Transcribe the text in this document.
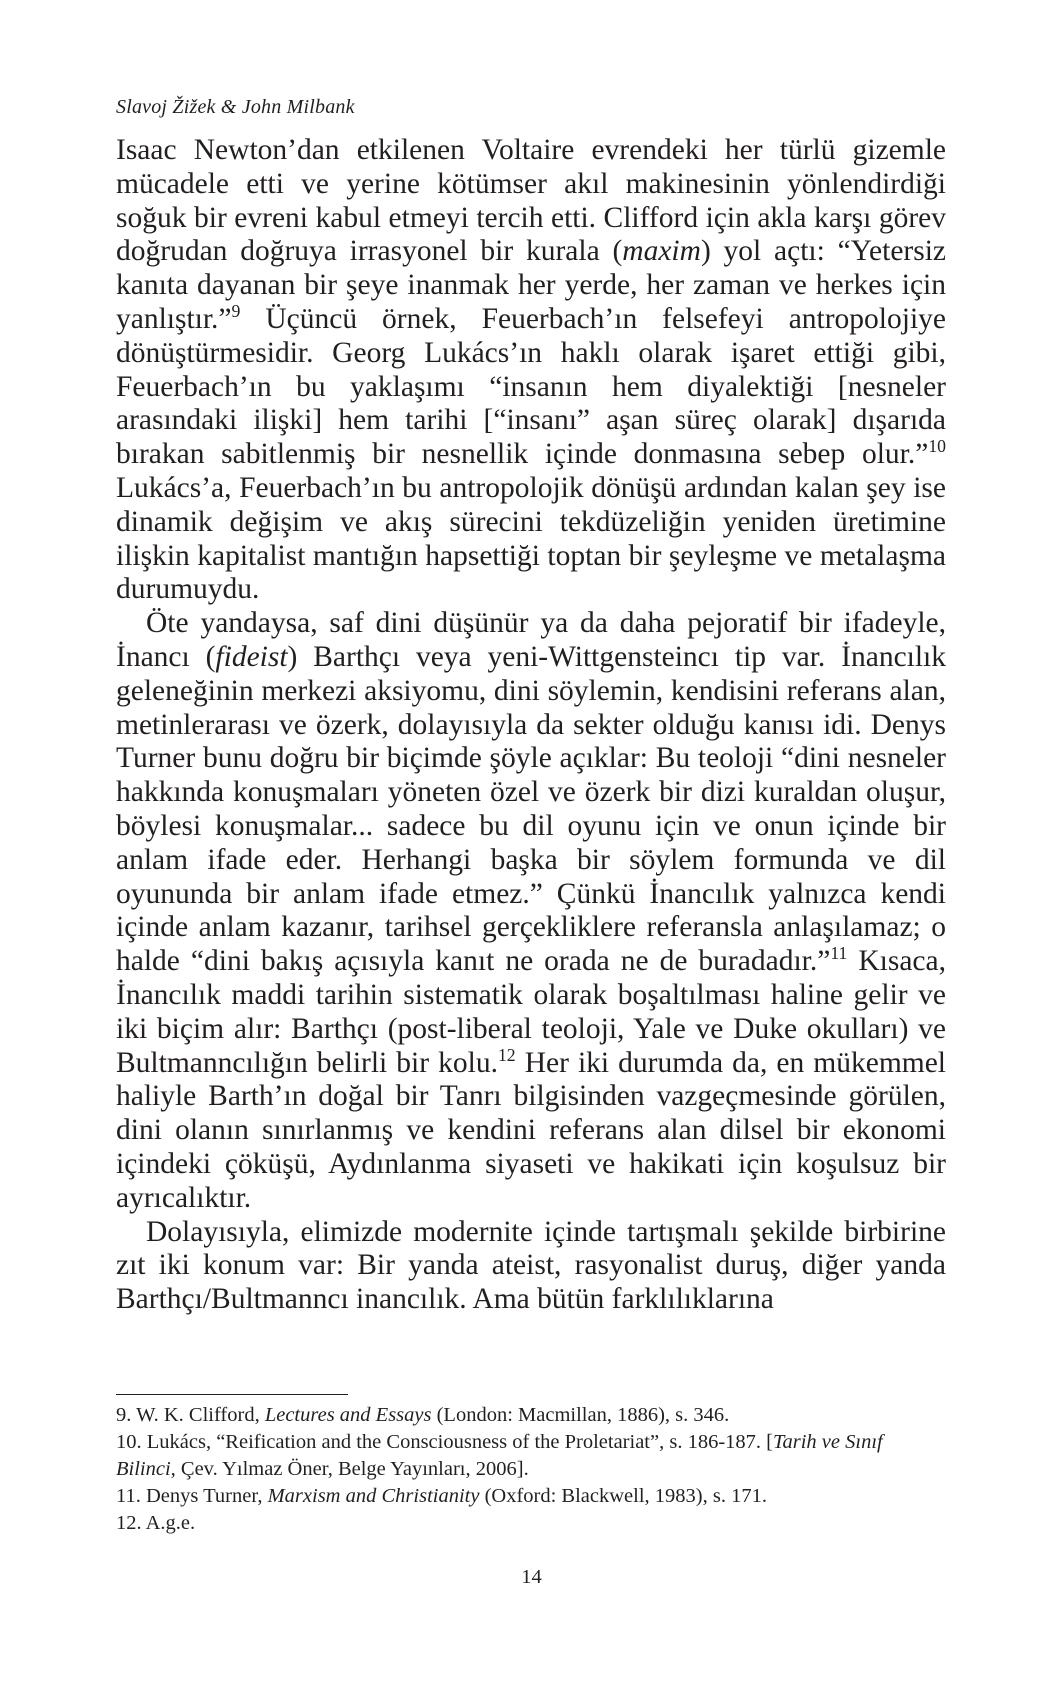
Slavoj Žižek & John Milbank

Isaac Newton’dan etkilenen Voltaire evrendeki her türlü gizemle mücadele etti ve yerine kötümser akıl makinesinin yönlendirdiği soğuk bir evreni kabul etmeyi tercih etti. Clifford için akla karşı görev doğrudan doğruya irrasyonel bir kurala (maxim) yol açtı: “Yetersiz kanıta dayanan bir şeye inanmak her yerde, her zaman ve herkes için yanlıştır.”$^9$ Üçüncü örnek, Feuerbach’ın felsefeyi antropolojiye dönüştürmesidir. Georg Lukács’ın haklı olarak işaret ettiği gibi, Feuerbach’ın bu yaklaşımı “insanın hem diyalektiği [nesneler arasındaki ilişki] hem tarihi [“insanı” aşan süreç olarak] dışarıda bırakan sabitlenmiş bir nesnellik içinde donmasına sebep olur.”$^{10}$ Lukács’a, Feuerbach’ın bu antropolojik dönüşü ardından kalan şey ise dinamik değişim ve akış sürecini tekdüzeliğin yeniden üretimine ilişkin kapitalist mantığın hapsettiği toptan bir şeyleşme ve metalaşma durumuydu.

Öte yandaysa, saf dini düşünür ya da daha pejoratif bir ifadeyle, İnancı (fideist) Barthçı veya yeni-Wittgensteincı tip var. İnancılık geleneğinin merkezi aksiyomu, dini söylemin, kendisini referans alan, metinlerarası ve özerk, dolayısıyla da sekter olduğu kanısı idi. Denys Turner bunu doğru bir biçimde şöyle açıklar: Bu teoloji “dini nesneler hakkında konuşmaları yöneten özel ve özerk bir dizi kuraldan oluşur, böylesi konuşmalar... sadece bu dil oyunu için ve onun içinde bir anlam ifade eder. Herhangi başka bir söylem formunda ve dil oyununda bir anlam ifade etmez.” Çünkü İnancılık yalnızca kendi içinde anlam kazanır, tarihsel gerçekliklere referansla anlaşılamaz; o halde “dini bakış açısıyla kanıt ne orada ne de buradadır.”$^{11}$ Kısaca, İnancılık maddi tarihin sistematik olarak boşaltılması haline gelir ve iki biçim alır: Barthçı (post-liberal teoloji, Yale ve Duke okulları) ve Bultmanncılığın belirli bir kolu.$^{12}$ Her iki durumda da, en mükemmel haliyle Barth’ın doğal bir Tanrı bilgisinden vazgeçmesinde görülen, dini olanın sınırlanmış ve kendini referans alan dilsel bir ekonomi içindeki çöküşü, Aydınlanma siyaseti ve hakikati için koşulsuz bir ayrıcalıktır.

Dolayısıyla, elimizde modernite içinde tartışmalı şekilde birbirine zıt iki konum var: Bir yanda ateist, rasyonalist duruş, diğer yanda Barthçı/Bultmanncı inancılık. Ama bütün farklılıklarına

9. W. K. Clifford, Lectures and Essays (London: Macmillan, 1886), s. 346.
10. Lukács, “Reification and the Consciousness of the Proletariat”, s. 186-187. [Tarih ve Sınıf Bilinci, Çev. Yılmaz Öner, Belge Yayınları, 2006].
11. Denys Turner, Marxism and Christianity (Oxford: Blackwell, 1983), s. 171.
12. A.g.e.
14
